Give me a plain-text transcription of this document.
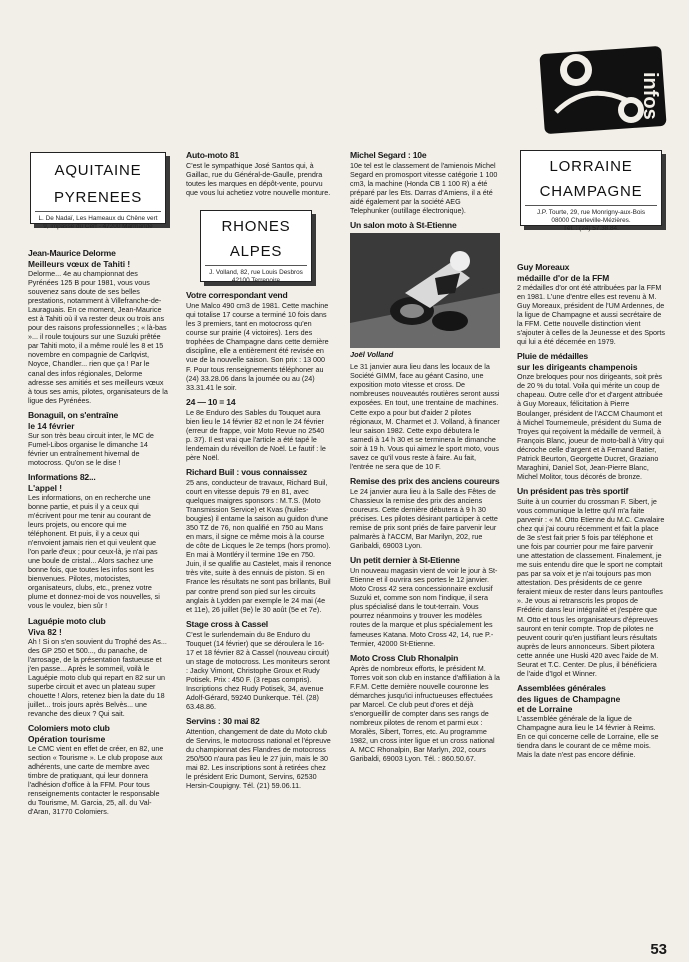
infos
AQUITAINE
PYRENEES
L. De Nadaï, Les Hameaux du Chêne vert
9, impasse du Cerf - 47200 Marmande	RHONES
ALPES
J. Volland, 82, rue Louis Desbros
42100 Terrenoire
LORRAINE
CHAMPAGNE
J.P. Tourte, 29, rue Monrigny-aux-Bois
08000 Charleville-Mézières.
Tél. : (24) 57.38.84.

Jean-Maurice Delorme

Meilleurs vœux de Tahiti !

Delorme... 4e au championnat des Pyrénées 125 B pour 1981, vous vous souvenez sans doute de ses belles prestations, notamment à Villefranche-de-Lauraguais. En ce moment, Jean-Maurice est à Tahiti où il va rester deux ou trois ans pour des raisons professionnelles ; « là-bas »... il roule toujours sur une Suzuki prêtée par Tahiti moto, il a même roulé les 8 et 15 novembre en compagnie de Carlqvist, Noyce, Chandler... rien que ça ! Par le canal des infos régionales, Delorme adresse ses amitiés et ses meilleurs vœux à tous ses amis, pilotes, organisateurs de la ligue des Pyrénées.

Bonaguil, on s'entraîne

le 14 février

Sur son très beau circuit inter, le MC de Fumel-Libos organise le dimanche 14 février un entraînement hivernal de motocross. Qu'on se le dise !

Informations 82...

L'appel !

Les informations, on en recherche une bonne partie, et puis il y a ceux qui m'écrivent pour me tenir au courant de leurs projets, ou encore qui me téléphonent. Et puis, il y a ceux qui n'envoient jamais rien et qui veulent que l'on parle d'eux ; pour ceux-là, je n'ai pas une boule de cristal... Alors sachez une bonne fois, que toutes les infos sont les bienvenues. Pilotes, motocistes, organisateurs, clubs, etc., prenez votre plume et donnez-moi de vos nouvelles, si vous le voulez, bien sûr !

Laguépie moto club

Viva 82 !

Ah ! Si on s'en souvient du Trophé des As... des GP 250 et 500..., du panache, de l'arrosage, de la présentation fastueuse et j'en passe... Après le sommeil, voilà le Laguépie moto club qui repart en 82 sur un superbe circuit et avec un plateau super chouette ! Alors, retenez bien la date du 18 juillet... trois jours après Belvès... une revanche des dieux ? Qui sait.

Colomiers moto club

Opération tourisme

Le CMC vient en effet de créer, en 82, une section « Tourisme ». Le club propose aux adhérents, une carte de membre avec timbre de pratiquant, qui leur donnera l'adhésion d'office à la FFM. Pour tous renseignements contacter le responsable du Tourisme, M. Garcia, 25, all. du Val-d'Aran, 31770 Colomiers.

Auto-moto 81

C'est le sympathique José Santos qui, à Gaillac, rue du Général-de-Gaulle, prendra toutes les marques en dépôt-vente, pourvu que vous lui achetiez votre nouvelle monture.

Votre correspondant vend

Une Malco 490 cm3 de 1981. Cette machine qui totalise 17 course a terminé 10 fois dans les 3 premiers, tant en motocross qu'en course sur prairie (4 victoires). 1ers des trophées de Champagne dans cette dernière discipline, elle a entièrement été revisée en vue de la nouvelle saison. Son prix : 13 000 F. Pour tous renseignements téléphoner au (24) 33.28.06 dans la journée ou au (24) 33.31.41 le soir.

24 — 10 = 14

Le 8e Enduro des Sables du Touquet aura bien lieu le 14 février 82 et non le 24 février (erreur de frappe, voir Moto Revue no 2540 p. 37). Il est vrai que l'article a été tapé le lendemain du réveillon de Noël. Le fautif : le père Noël.

Richard Buil : vous connaissez

25 ans, conducteur de travaux, Richard Buil, court en vitesse depuis 79 en 81, avec quelques maigres sponsors : M.T.S. (Moto Transmission Service) et Kvas (huiles-bougies) il entame la saison au guidon d'une 350 TZ de 76, non qualifié en 750 au Mans en mars, il signe ce même mois à la course de côte de Licques le 2e temps (hors promo). En mai à Montléry il termine 19e en 750. Juin, il se qualifie au Castelet, mais il renonce très vite, suite à des ennuis de piston. Si en France les résultats ne sont pas brillants, Buil par contre prend son pied sur les circuits anglais à Lydden par exemple le 24 mai (4e et 11e), 26 juillet (9e) le 30 août (5e et 7e).

Stage cross à Cassel

C'est le surlendemain du 8e Enduro du Touquet (14 février) que se déroulera le 16-17 et 18 février 82 à Cassel (nouveau circuit) un stage de motocross. Les moniteurs seront : Jacky Vimont, Christophe Groux et Rudy Potisek. Prix : 450 F. (3 repas compris). Inscriptions chez Rudy Potisek, 34, avenue Adolf-Gérard, 59240 Dunkerque. Tél. (28) 63.48.86.

Servins : 30 mai 82

Attention, changement de date du Moto club de Servins, le motocross national et l'épreuve du championnat des Flandres de motocross 250/500 n'aura pas lieu le 27 juin, mais le 30 mai 82. Les inscriptions sont à retirées chez le président Eric Dumont, Servins, 62530 Hersin-Coupigny. Tél. (21) 59.06.11.

Michel Segard : 10e

10e tel est le classement de l'amienois Michel Segard en promosport vitesse catégorie 1 100 cm3, la machine (Honda CB 1 100 R) a été préparé par les Ets. Darras d'Amiens, il a été aidé également par la société AEG Telephunker (outillage électronique).

Un salon moto à St-Etienne

Joël Volland

Le 31 janvier aura lieu dans les locaux de la Société GIMM, face au géant Casino, une exposition moto vitesse et cross. De nombreuses nouveautés routières seront aussi exposées. En tout, une trentaine de machines. Cette expo a pour but d'aider 2 pilotes régionaux, M. Charmet et J. Volland, à financer leur saison 1982. Cette expo débutera le samedi à 14 h 30 et se terminera le dimanche soir à 19 h. Vous qui aimez le sport moto, vous savez ce qu'il vous reste à faire. Au fait, l'entrée ne sera que de 10 F.

Remise des prix des anciens coureurs

Le 24 janvier aura lieu à la Salle des Fêtes de Chassieux la remise des prix des anciens coureurs. Cette dernière débutera à 9 h 30 précises. Les pilotes désirant participer à cette remise de prix sont priés de faire parvenir leur palmarès à l'ACCM, Bar Marilyn, 202, rue Garibaldi, 69003 Lyon.

Un petit dernier à St-Etienne

Un nouveau magasin vient de voir le jour à St-Etienne et il ouvrira ses portes le 12 janvier. Moto Cross 42 sera concessionnaire exclusif Suzuki et, comme son nom l'indique, il sera plus spécialisé dans le tout-terrain. Vous pourrez néanmoins y trouver les modèles routes de la marque et plus spécialement les fameuses Katana. Moto Cross 42, 14, rue P.-Termier, 42000 St-Etienne.

Moto Cross Club Rhonalpin

Après de nombreux efforts, le président M. Torres voit son club en instance d'affiliation à la F.F.M. Cette dernière nouvelle couronne les démarches jusqu'ici infructueuses effectuées par Marcel. Ce club peut d'ores et déjà s'enorgueillir de compter dans ses rangs de nombreux pilotes de renom et parmi eux : Moralès, Sibert, Torres, etc. Au programme 1982, un cross inter ligue et un cross national A. MCC Rhonalpin, Bar Marlyn, 202, cours Garibaldi, 69003 Lyon. Tél. : 860.50.67.

Guy Moreaux

médaille d'or de la FFM

2 médailles d'or ont été attribuées par la FFM en 1981. L'une d'entre elles est revenu à M. Guy Moreaux, président de l'UM Ardennes, de la ligue de Champagne et aussi secrétaire de la FFM. Cette nouvelle distinction vient s'ajouter à celles de la Jeunesse et des Sports qui lui a été décernée en 1979.

Pluie de médailles

sur les dirigeants champenois

Onze breloques pour nos dirigeants, soit près de 20 % du total. Voila qui mérite un coup de chapeau. Outre celle d'or et d'argent attribuée à Guy Moreaux, félicitation à Pierre Boulanger, président de l'ACCM Chaumont et à Michel Tournemeule, président du Suma de Troyes qui reçoivent la médaille de vermeil, à François Blanc, joueur de moto-ball à Vitry qui décroche celle d'argent et à Fernand Batier, Patrick Beurton, Georgette Ducret, Graziano Maraghini, Daniel Sot, Jean-Pierre Blanc, Michel Molitor, tous décorés de bronze.

Un président pas très sportif

Suite à un courrier du crossman F. Sibert, je vous communique la lettre qu'il m'a faite parvenir : « M. Otto Etienne du M.C. Cavalaire chez qui j'ai couru récemment et fait la place de 3e s'est fait prier 5 fois par téléphone et une fois par courrier pour me faire parvenir une attestation de classement. Finalement, je me suis entendu dire que le sport ne comptait pas par sa voix et je n'ai toujours pas mon attestation. Des présidents de ce genre feraient mieux de rester dans leurs pantoufles ». Je vous ai retranscris les propos de Frédéric dans leur intégralité et j'espère que M. Otto et tous les organisateurs d'épreuves sauront en tenir compte. Trop de pilotes ne peuvent courir qu'en justifiant leurs résultats auprès de leurs annonceurs. Sibert pilotera cette année une Huski 420 avec l'aide de M. Seurat et T.C. Center. De plus, il bénéficiera de l'aide d'Igol et Winner.

Assemblées générales

des ligues de Champagne

et de Lorraine

L'assemblée générale de la ligue de Champagne aura lieu le 14 février à Reims. En ce qui concerne celle de Lorraine, elle se tiendra dans le courant de ce même mois. Mais la date n'est pas encore définie.

53
